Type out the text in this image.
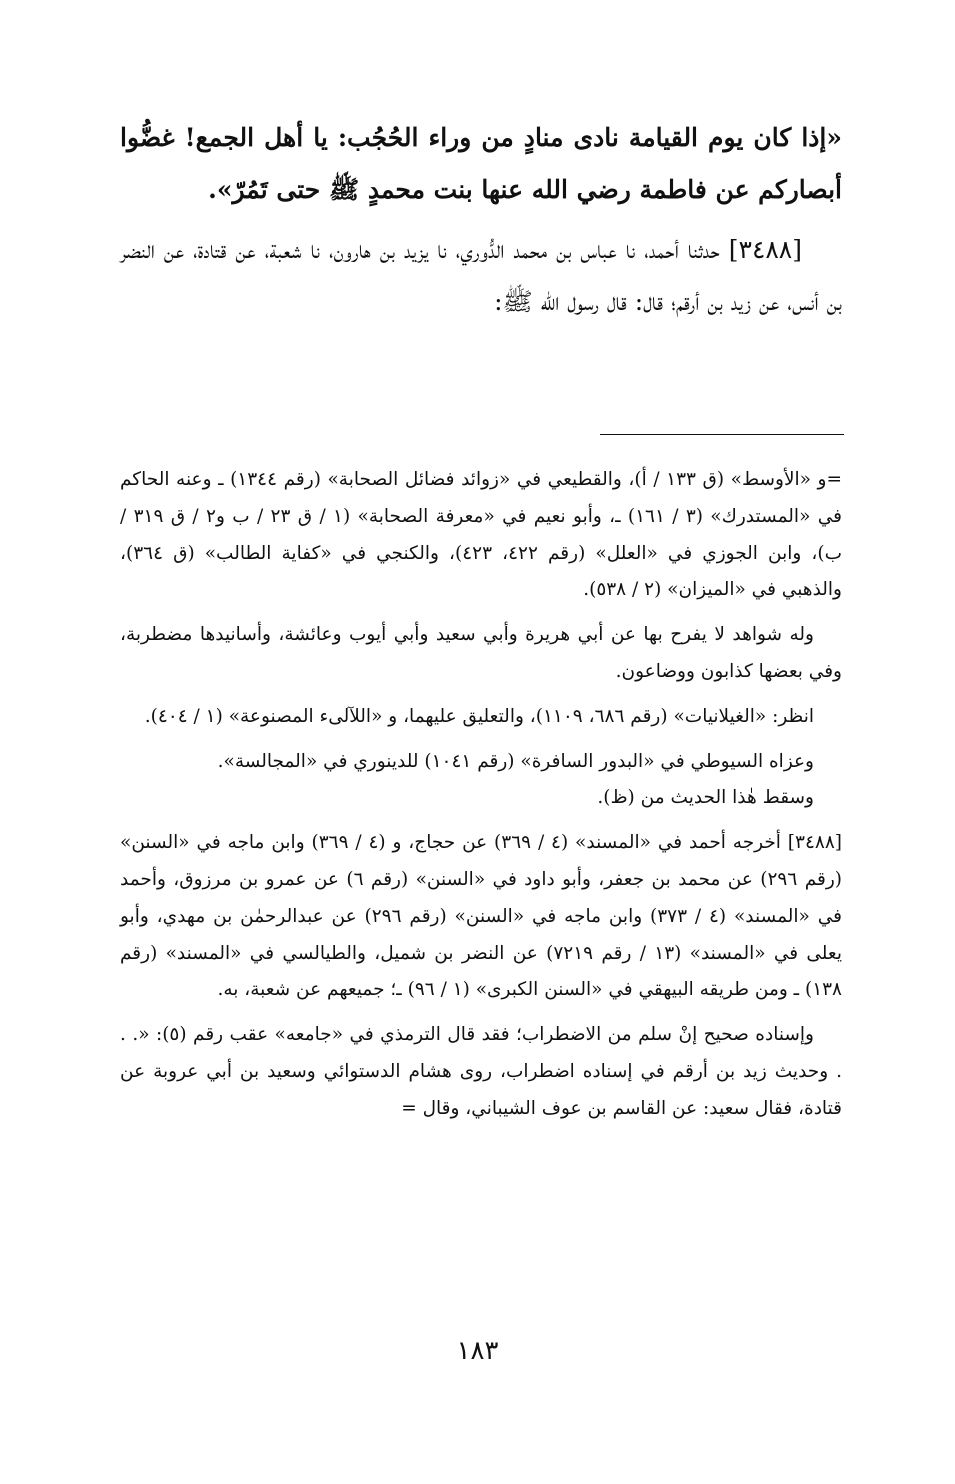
«إذا كان يوم القيامة نادى منادٍ من وراء الحُجُب: يا أهل الجمع! غضُّوا أبصاركم عن فاطمة رضي الله عنها بنت محمدٍ ﷺ حتى تَمُرّ».

[٣٤٨٨] حدثنا أحمد، نا عباس بن محمد الدُّوري، نا يزيد بن هارون، نا شعبة، عن قتادة، عن النضر بن أنس، عن زيد بن أرقم؛ قال: قال رسول الله ﷺ:

=و «الأوسط» (ق ١٣٣ / أ)، والقطيعي في «زوائد فضائل الصحابة» (رقم ١٣٤٤) ـ وعنه الحاكم في «المستدرك» (٣ / ١٦١) ـ، وأبو نعيم في «معرفة الصحابة» (١ / ق ٢٣ / ب و٢ / ق ٣١٩ / ب)، وابن الجوزي في «العلل» (رقم ٤٢٢، ٤٢٣)، والكنجي في «كفاية الطالب» (ق ٣٦٤)، والذهبي في «الميزان» (٢ / ٥٣٨).

وله شواهد لا يفرح بها عن أبي هريرة وأبي سعيد وأبي أيوب وعائشة، وأسانيدها مضطربة، وفي بعضها كذابون ووضاعون.

انظر: «الغيلانيات» (رقم ٦٨٦، ١١٠٩)، والتعليق عليهما، و «اللآلىء المصنوعة» (١ / ٤٠٤).

وعزاه السيوطي في «البدور السافرة» (رقم ١٠٤١) للدينوري في «المجالسة».

وسقط هٰذا الحديث من (ظ).

[٣٤٨٨] أخرجه أحمد في «المسند» (٤ / ٣٦٩) عن حجاج، و (٤ / ٣٦٩) وابن ماجه في «السنن» (رقم ٢٩٦) عن محمد بن جعفر، وأبو داود في «السنن» (رقم ٦) عن عمرو بن مرزوق، وأحمد في «المسند» (٤ / ٣٧٣) وابن ماجه في «السنن» (رقم ٢٩٦) عن عبدالرحمٰن بن مهدي، وأبو يعلى في «المسند» (١٣ / رقم ٧٢١٩) عن النضر بن شميل، والطيالسي في «المسند» (رقم ١٣٨) ـ ومن طريقه البيهقي في «السنن الكبرى» (١ / ٩٦) ـ؛ جميعهم عن شعبة، به.

وإسناده صحيح إنْ سلم من الاضطراب؛ فقد قال الترمذي في «جامعه» عقب رقم (٥): «. . . وحديث زيد بن أرقم في إسناده اضطراب، روى هشام الدستوائي وسعيد بن أبي عروبة عن قتادة، فقال سعيد: عن القاسم بن عوف الشيباني، وقال =

١٨٣
